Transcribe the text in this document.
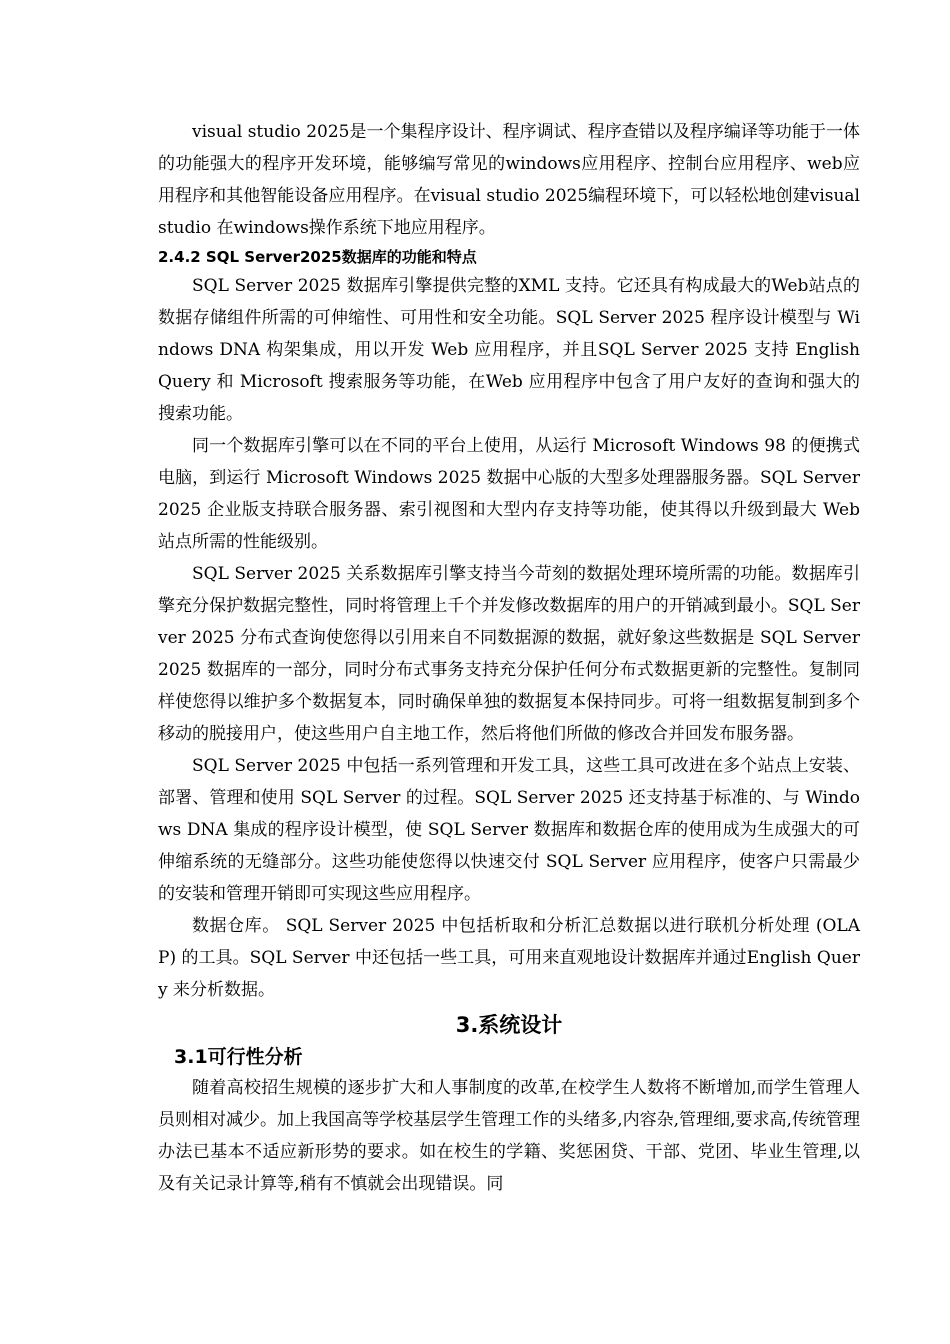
visual studio 2025是一个集程序设计、程序调试、程序查错以及程序编译等功能于一体的功能强大的程序开发环境，能够编写常见的windows应用程序、控制台应用程序、web应用程序和其他智能设备应用程序。在visual studio 2025编程环境下，可以轻松地创建visual studio 在windows操作系统下地应用程序。

2.4.2 SQL Server2025数据库的功能和特点

SQL Server 2025 数据库引擎提供完整的XML 支持。它还具有构成最大的Web站点的数据存储组件所需的可伸缩性、可用性和安全功能。SQL Server 2025 程序设计模型与 Windows DNA 构架集成，用以开发 Web 应用程序，并且SQL Server 2025 支持 English Query 和 Microsoft 搜索服务等功能，在Web 应用程序中包含了用户友好的查询和强大的搜索功能。

同一个数据库引擎可以在不同的平台上使用，从运行 Microsoft Windows 98 的便携式电脑，到运行 Microsoft Windows 2025 数据中心版的大型多处理器服务器。SQL Server 2025 企业版支持联合服务器、索引视图和大型内存支持等功能，使其得以升级到最大 Web 站点所需的性能级别。

SQL Server 2025 关系数据库引擎支持当今苛刻的数据处理环境所需的功能。数据库引擎充分保护数据完整性，同时将管理上千个并发修改数据库的用户的开销减到最小。SQL Server 2025 分布式查询使您得以引用来自不同数据源的数据，就好象这些数据是 SQL Server 2025 数据库的一部分，同时分布式事务支持充分保护任何分布式数据更新的完整性。复制同样使您得以维护多个数据复本，同时确保单独的数据复本保持同步。可将一组数据复制到多个移动的脱接用户，使这些用户自主地工作，然后将他们所做的修改合并回发布服务器。

SQL Server 2025 中包括一系列管理和开发工具，这些工具可改进在多个站点上安装、部署、管理和使用 SQL Server 的过程。SQL Server 2025 还支持基于标准的、与 Windows DNA 集成的程序设计模型，使 SQL Server 数据库和数据仓库的使用成为生成强大的可伸缩系统的无缝部分。这些功能使您得以快速交付 SQL Server 应用程序，使客户只需最少的安装和管理开销即可实现这些应用程序。

数据仓库。 SQL Server 2025 中包括析取和分析汇总数据以进行联机分析处理 (OLAP) 的工具。SQL Server 中还包括一些工具，可用来直观地设计数据库并通过English Query 来分析数据。

3.系统设计
3.1可行性分析

随着高校招生规模的逐步扩大和人事制度的改革,在校学生人数将不断增加,而学生管理人员则相对减少。加上我国高等学校基层学生管理工作的头绪多,内容杂,管理细,要求高,传统管理办法已基本不适应新形势的要求。如在校生的学籍、奖惩困贷、干部、党团、毕业生管理,以及有关记录计算等,稍有不慎就会出现错误。同
